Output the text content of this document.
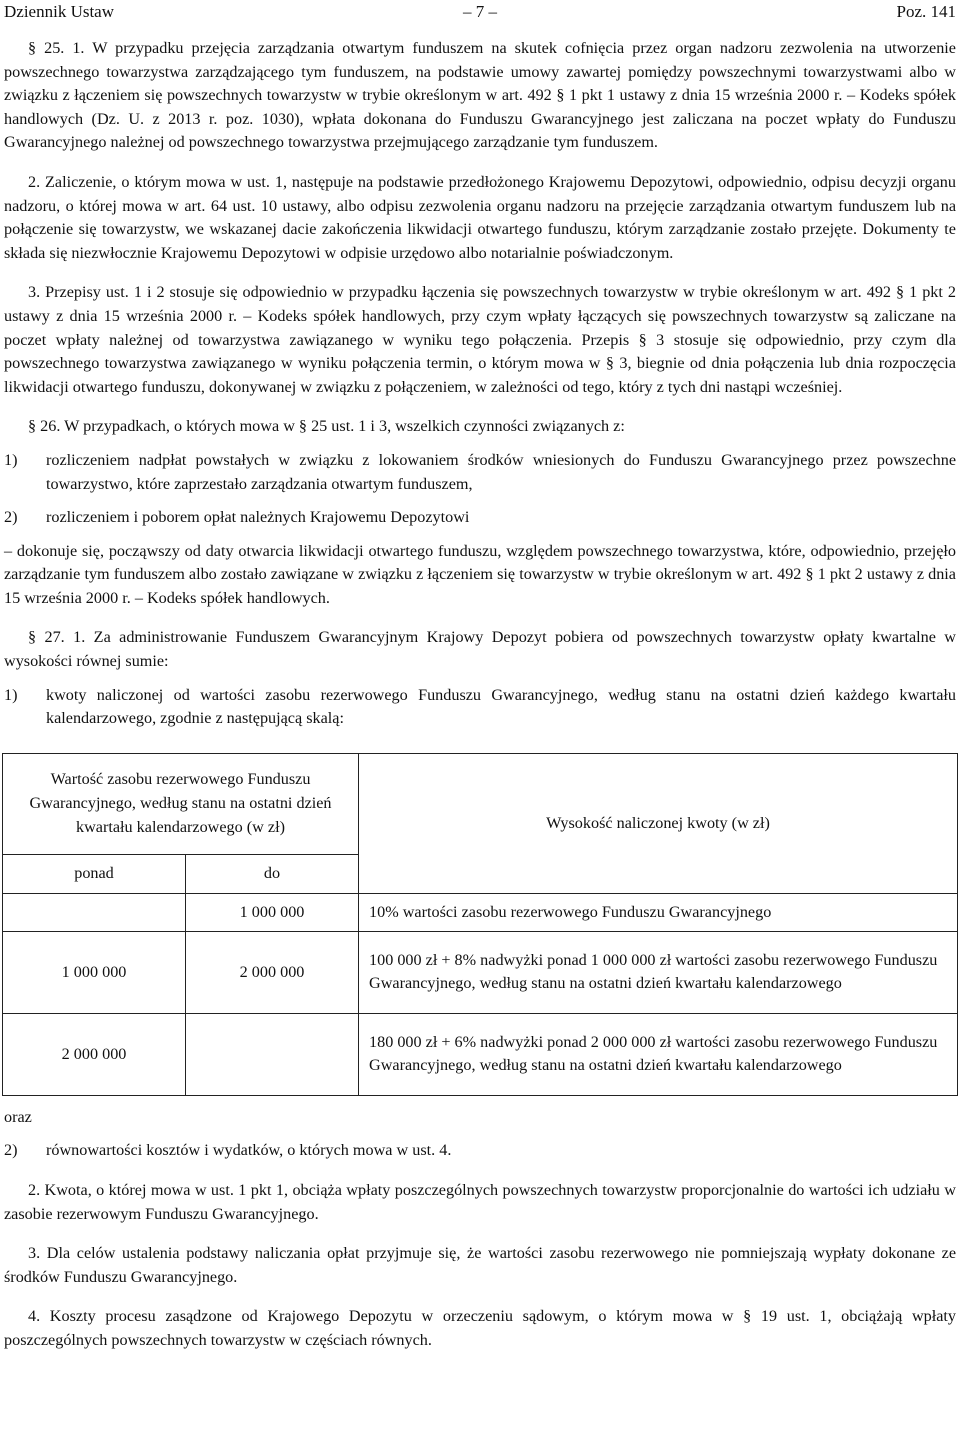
Dziennik Ustaw	– 7 –	Poz. 141

§ 25. 1. W przypadku przejęcia zarządzania otwartym funduszem na skutek cofnięcia przez organ nadzoru zezwolenia na utworzenie powszechnego towarzystwa zarządzającego tym funduszem, na podstawie umowy zawartej pomiędzy powszechnymi towarzystwami albo w związku z łączeniem się powszechnych towarzystw w trybie określonym w art. 492 § 1 pkt 1 ustawy z dnia 15 września 2000 r. – Kodeks spółek handlowych (Dz. U. z 2013 r. poz. 1030), wpłata dokonana do Funduszu Gwarancyjnego jest zaliczana na poczet wpłaty do Funduszu Gwarancyjnego należnej od powszechnego towarzystwa przejmującego zarządzanie tym funduszem.

2. Zaliczenie, o którym mowa w ust. 1, następuje na podstawie przedłożonego Krajowemu Depozytowi, odpowiednio, odpisu decyzji organu nadzoru, o której mowa w art. 64 ust. 10 ustawy, albo odpisu zezwolenia organu nadzoru na przejęcie zarządzania otwartym funduszem lub na połączenie się towarzystw, we wskazanej dacie zakończenia likwidacji otwartego funduszu, którym zarządzanie zostało przejęte. Dokumenty te składa się niezwłocznie Krajowemu Depozytowi w odpisie urzędowo albo notarialnie poświadczonym.

3. Przepisy ust. 1 i 2 stosuje się odpowiednio w przypadku łączenia się powszechnych towarzystw w trybie określonym w art. 492 § 1 pkt 2 ustawy z dnia 15 września 2000 r. – Kodeks spółek handlowych, przy czym wpłaty łączących się powszechnych towarzystw są zaliczane na poczet wpłaty należnej od towarzystwa zawiązanego w wyniku tego połączenia. Przepis § 3 stosuje się odpowiednio, przy czym dla powszechnego towarzystwa zawiązanego w wyniku połączenia termin, o którym mowa w § 3, biegnie od dnia połączenia lub dnia rozpoczęcia likwidacji otwartego funduszu, dokonywanej w związku z połączeniem, w zależności od tego, który z tych dni nastąpi wcześniej.

§ 26. W przypadkach, o których mowa w § 25 ust. 1 i 3, wszelkich czynności związanych z:

1)	rozliczeniem nadpłat powstałych w związku z lokowaniem środków wniesionych do Funduszu Gwarancyjnego przez powszechne towarzystwo, które zaprzestało zarządzania otwartym funduszem,
2)	rozliczeniem i poborem opłat należnych Krajowemu Depozytowi

– dokonuje się, począwszy od daty otwarcia likwidacji otwartego funduszu, względem powszechnego towarzystwa, które, odpowiednio, przejęło zarządzanie tym funduszem albo zostało zawiązane w związku z łączeniem się towarzystw w trybie określonym w art. 492 § 1 pkt 2 ustawy z dnia 15 września 2000 r. – Kodeks spółek handlowych.

§ 27. 1. Za administrowanie Funduszem Gwarancyjnym Krajowy Depozyt pobiera od powszechnych towarzystw opłaty kwartalne w wysokości równej sumie:

1)	kwoty naliczonej od wartości zasobu rezerwowego Funduszu Gwarancyjnego, według stanu na ostatni dzień każdego kwartału kalendarzowego, zgodnie z następującą skalą:
Wartość zasobu rezerwowego Funduszu Gwarancyjnego, według stanu na ostatni dzień kwartału kalendarzowego (w zł)		Wysokość naliczonej kwoty (w zł)
ponad	do	
	1 000 000	10% wartości zasobu rezerwowego Funduszu Gwarancyjnego
1 000 000	2 000 000	100 000 zł + 8% nadwyżki ponad 1 000 000 zł wartości zasobu rezerwowego Funduszu Gwarancyjnego, według stanu na ostatni dzień kwartału kalendarzowego
2 000 000		180 000 zł + 6% nadwyżki ponad 2 000 000 zł wartości zasobu rezerwowego Funduszu Gwarancyjnego, według stanu na ostatni dzień kwartału kalendarzowego

oraz

2)	równowartości kosztów i wydatków, o których mowa w ust. 4.

2. Kwota, o której mowa w ust. 1 pkt 1, obciąża wpłaty poszczególnych powszechnych towarzystw proporcjonalnie do wartości ich udziału w zasobie rezerwowym Funduszu Gwarancyjnego.

3. Dla celów ustalenia podstawy naliczania opłat przyjmuje się, że wartości zasobu rezerwowego nie pomniejszają wypłaty dokonane ze środków Funduszu Gwarancyjnego.

4. Koszty procesu zasądzone od Krajowego Depozytu w orzeczeniu sądowym, o którym mowa w § 19 ust. 1, obciążają wpłaty poszczególnych powszechnych towarzystw w częściach równych.
